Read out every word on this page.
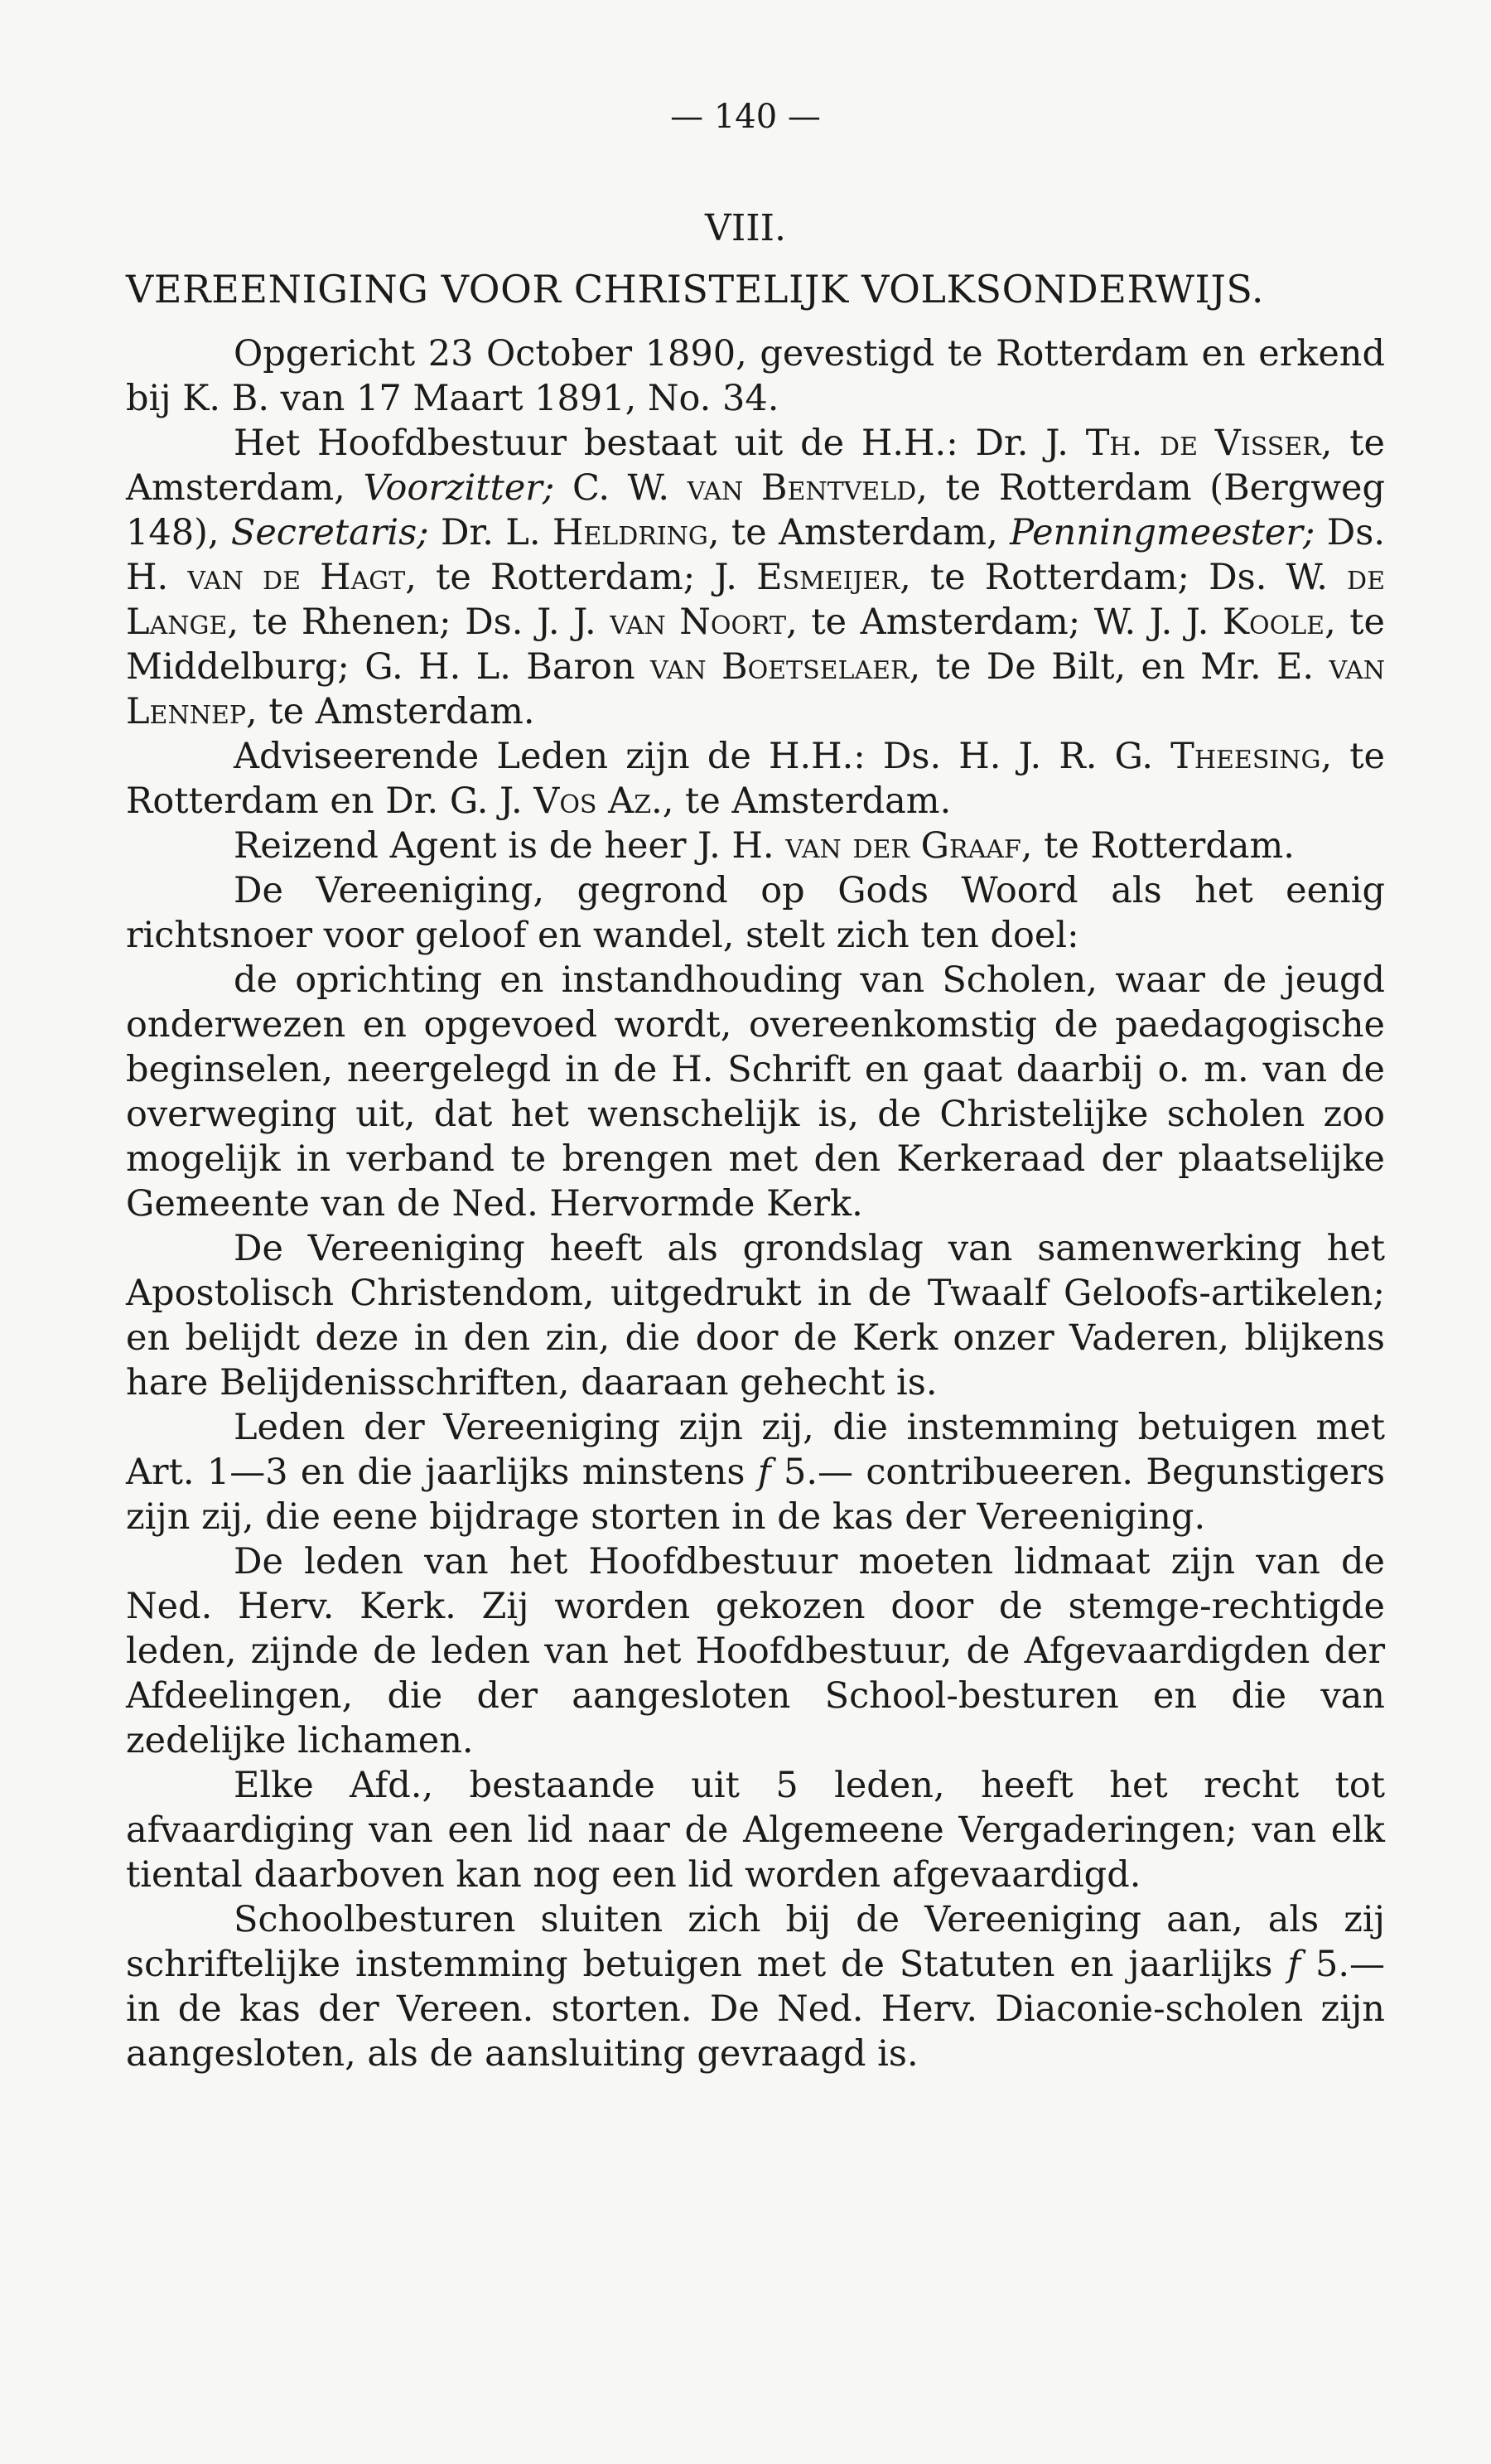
— 140 —
VIII.
VEREENIGING VOOR CHRISTELIJK VOLKSONDERWIJS.

Opgericht 23 October 1890, gevestigd te Rotterdam en erkend bij K. B. van 17 Maart 1891, No. 34.

Het Hoofdbestuur bestaat uit de H.H.: Dr. J. Th. de Visser, te Amsterdam, Voorzitter; C. W. van Bentveld, te Rotterdam (Bergweg 148), Secretaris; Dr. L. Heldring, te Amsterdam, Penningmeester; Ds. H. van de Hagt, te Rotterdam; J. Esmeijer, te Rotterdam; Ds. W. de Lange, te Rhenen; Ds. J. J. van Noort, te Amsterdam; W. J. J. Koole, te Middelburg; G. H. L. Baron van Boetselaer, te De Bilt, en Mr. E. van Lennep, te Amsterdam.

Adviseerende Leden zijn de H.H.: Ds. H. J. R. G. Theesing, te Rotterdam en Dr. G. J. Vos Az., te Amsterdam.

Reizend Agent is de heer J. H. van der Graaf, te Rotterdam.

De Vereeniging, gegrond op Gods Woord als het eenig richtsnoer voor geloof en wandel, stelt zich ten doel:

de oprichting en instandhouding van Scholen, waar de jeugd onderwezen en opgevoed wordt, overeenkomstig de paedagogische beginselen, neergelegd in de H. Schrift en gaat daarbij o. m. van de overweging uit, dat het wenschelijk is, de Christelijke scholen zoo mogelijk in verband te brengen met den Kerkeraad der plaatselijke Gemeente van de Ned. Hervormde Kerk.

De Vereeniging heeft als grondslag van samenwerking het Apostolisch Christendom, uitgedrukt in de Twaalf Geloofs-artikelen; en belijdt deze in den zin, die door de Kerk onzer Vaderen, blijkens hare Belijdenisschriften, daaraan gehecht is.

Leden der Vereeniging zijn zij, die instemming betuigen met Art. 1—3 en die jaarlijks minstens f 5.— contribueeren. Begunstigers zijn zij, die eene bijdrage storten in de kas der Vereeniging.

De leden van het Hoofdbestuur moeten lidmaat zijn van de Ned. Herv. Kerk. Zij worden gekozen door de stemge-rechtigde leden, zijnde de leden van het Hoofdbestuur, de Afgevaardigden der Afdeelingen, die der aangesloten School-besturen en die van zedelijke lichamen.

Elke Afd., bestaande uit 5 leden, heeft het recht tot afvaardiging van een lid naar de Algemeene Vergaderingen; van elk tiental daarboven kan nog een lid worden afgevaardigd.

Schoolbesturen sluiten zich bij de Vereeniging aan, als zij schriftelijke instemming betuigen met de Statuten en jaarlijks f 5.— in de kas der Vereen. storten. De Ned. Herv. Diaconie-scholen zijn aangesloten, als de aansluiting gevraagd is.
